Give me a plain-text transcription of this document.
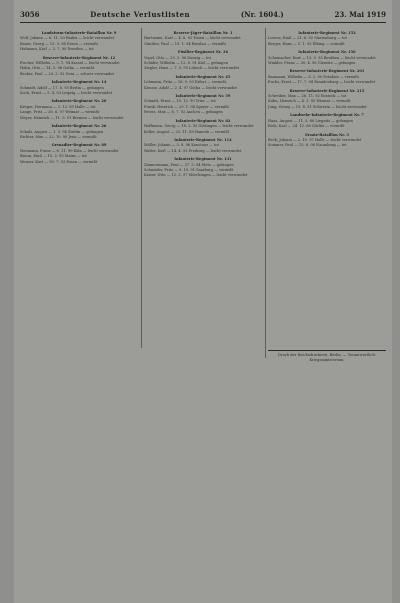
3056	Deutsche Verlustlisten	(Nr. 1604.)	23. Mai 1919
Landsturm-Infanterie-Bataillon Nr. 9
Wolf, Johann — 6. 11. 93 Baden — leicht verwundet
Bauer, Georg — 13. 3. 88 Essen — vermißt
Hofmann, Karl — 2. 7. 90 Dresden — tot
Reserve-Infanterie-Regiment Nr. 12
Fischer, Wilhelm — 9. 1. 94 Kassel — leicht verwundet
Hahn, Otto — 14. 5. 96 Gotha — vermißt
Becker, Paul — 20. 2. 92 Gera — schwer verwundet
Infanterie-Regiment Nr. 14
Schmidt, Adolf — 17. 8. 95 Berlin — gefangen
Koch, Ernst — 5. 4. 93 Leipzig — leicht verwundet
Infanterie-Regiment Nr. 20
Krüger, Hermann — 3. 12. 89 Halle — tot
Lange, Fritz — 28. 6. 97 Weimar — vermißt
Meyer, Heinrich — 11. 9. 91 Bremen — leicht verwundet
Infanterie-Regiment Nr. 26
Schulz, August — 1. 3. 94 Stettin — gefangen
Richter, Max — 22. 10. 96 Jena — vermißt
Grenadier-Regiment Nr. 89
Neumann, Franz — 8. 11. 90 Köln — leicht verwundet
Braun, Emil — 15. 2. 95 Mainz — tot
Werner, Kurt — 30. 7. 93 Essen — vermißt
Reserve-Jäger-Bataillon Nr. 1
Hartmann, Karl — 4. 6. 92 Posen — leicht verwundet
Günther, Paul — 19. 1. 94 Breslau — vermißt
Füsilier-Regiment Nr. 34
Vogel, Otto — 25. 3. 96 Danzig — tot
Schäfer, Wilhelm — 12. 8. 91 Kiel — gefangen
Ziegler, Hans — 7. 5. 95 Lübeck — leicht verwundet
Infanterie-Regiment Nr. 45
Lehmann, Fritz — 16. 9. 93 Erfurt — vermißt
Krause, Adolf — 2. 4. 97 Gotha — leicht verwundet
Infanterie-Regiment Nr. 59
Schmitt, Ernst — 10. 12. 90 Trier — tot
Frank, Heinrich — 29. 1. 94 Speyer — vermißt
Peters, Max — 6. 7. 92 Aachen — gefangen
Infanterie-Regiment Nr. 82
Hoffmann, Georg — 18. 2. 95 Göttingen — leicht verwundet
Keller, August — 23. 11. 89 Hameln — vermißt
Infanterie-Regiment Nr. 114
Möller, Johann — 3. 8. 96 Konstanz — tot
Walter, Karl — 14. 4. 93 Freiburg — leicht verwundet
Infanterie-Regiment Nr. 131
Zimmermann, Paul — 27. 5. 94 Metz — gefangen
Schneider, Fritz — 9. 10. 91 Saarburg — vermißt
Kaiser, Otto — 12. 3. 97 Mörchingen — leicht verwundet
Infanterie-Regiment Nr. 152
Lorenz, Emil — 21. 6. 92 Marienburg — tot
Berger, Hans — 5. 1. 95 Elbing — vermißt
Infanterie-Regiment Nr. 156
Schumacher, Kurt — 13. 9. 93 Beuthen — leicht verwundet
Winkler, Franz — 30. 4. 96 Gleiwitz — gefangen
Reserve-Infanterie-Regiment Nr. 201
Baumann, Wilhelm — 8. 2. 90 Potsdam — vermißt
Fuchs, Ernst — 17. 7. 94 Brandenburg — leicht verwundet
Reserve-Infanterie-Regiment Nr. 215
Schreiber, Max — 26. 11. 92 Rostock — tot
Kuhn, Heinrich — 4. 3. 95 Wismar — vermißt
Jung, Georg — 19. 8. 91 Schwerin — leicht verwundet
Landwehr-Infanterie-Regiment Nr. 7
Haas, August — 11. 5. 88 Liegnitz — gefangen
Roth, Karl — 24. 12. 86 Görlitz — vermißt
Ersatz-Bataillon Nr. 3
Beck, Johann — 2. 10. 97 Halle — leicht verwundet
Sommer, Paul — 15. 6. 98 Naumburg — tot
Druck der Reichsdruckerei, Berlin. — Verantwortlich: Kriegsministerium.
